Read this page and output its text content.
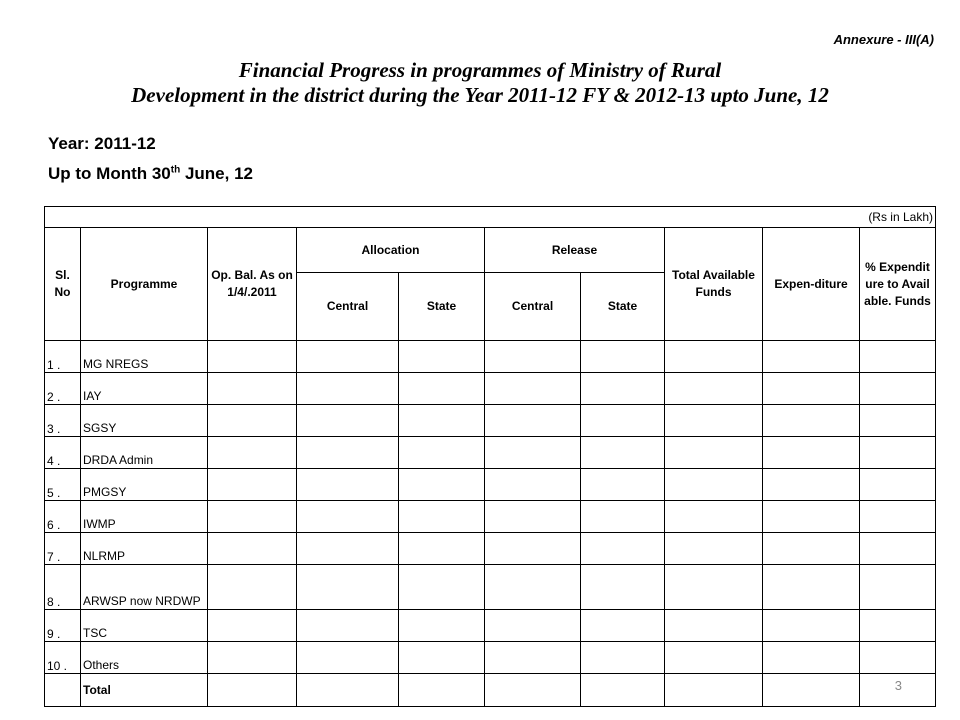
Annexure - III(A)
Financial Progress in programmes of Ministry of Rural
Development in the district during the Year 2011-12 FY & 2012-13 upto June, 12
Year: 2011-12
Up to Month 30th June, 12
(Rs in Lakh)									
Sl. No	Programme	Op. Bal. As on 1/4/.2011	Allocation		Release		Total Available Funds	Expen-diture	% Expenditure to Available. Funds
			Central	State	Central	State			
1 .	MG NREGS								
2 .	IAY								
3 .	SGSY								
4 .	DRDA Admin								
5 .	PMGSY								
6 .	IWMP								
7 .	NLRMP								
8 .	ARWSP now NRDWP								
9 .	TSC								
10 .	Others								
	Total									3
